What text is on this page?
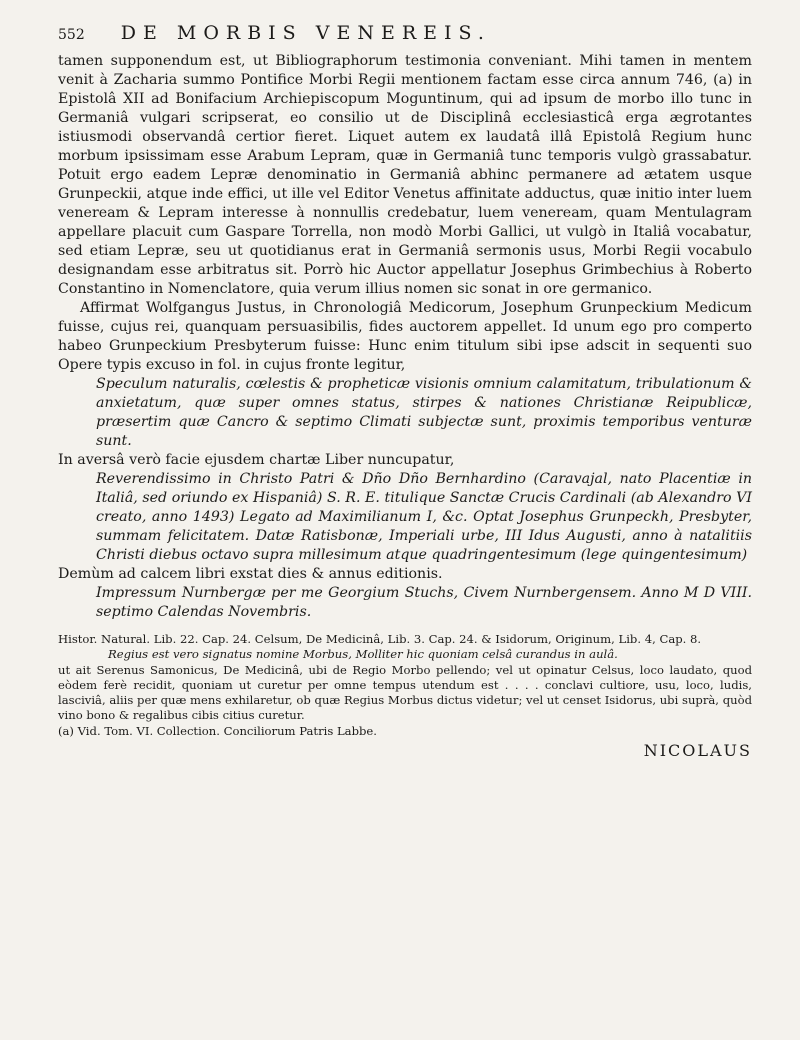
552 DE MORBIS VENEREIS.

tamen supponendum est, ut Bibliographorum testimonia conveniant. Mihi tamen in mentem venit à Zacharia summo Pontifice Morbi Regii mentionem factam esse circa annum 746, (a) in Epistolâ XII ad Bonifacium Archiepiscopum Moguntinum, qui ad ipsum de morbo illo tunc in Germaniâ vulgari scripserat, eo consilio ut de Disciplinâ ecclesiasticâ erga ægrotantes istiusmodi observandâ certior fieret. Liquet autem ex laudatâ illâ Epistolâ Regium hunc morbum ipsissimam esse Arabum Lepram, quæ in Germaniâ tunc temporis vulgò grassabatur. Potuit ergo eadem Lepræ denominatio in Germaniâ abhinc permanere ad ætatem usque Grunpeckii, atque inde effici, ut ille vel Editor Venetus affinitate adductus, quæ initio inter luem veneream & Lepram interesse à nonnullis credebatur, luem veneream, quam Mentulagram appellare placuit cum Gaspare Torrella, non modò Morbi Gallici, ut vulgò in Italiâ vocabatur, sed etiam Lepræ, seu ut quotidianus erat in Germaniâ sermonis usus, Morbi Regii vocabulo designandam esse arbitratus sit. Porrò hic Auctor appellatur Josephus Grimbechius à Roberto Constantino in Nomenclatore, quia verum illius nomen sic sonat in ore germanico.

Affirmat Wolfgangus Justus, in Chronologiâ Medicorum, Josephum Grunpeckium Medicum fuisse, cujus rei, quanquam persuasibilis, fides auctorem appellet. Id unum ego pro comperto habeo Grunpeckium Presbyterum fuisse: Hunc enim titulum sibi ipse adscit in sequenti suo Opere typis excuso in fol. in cujus fronte legitur,

Speculum naturalis, cœlestis & propheticæ visionis omnium calamitatum, tribulationum & anxietatum, quæ super omnes status, stirpes & nationes Christianæ Reipublicæ, præsertim quæ Cancro & septimo Climati subjectæ sunt, proximis temporibus venturæ sunt.

In aversâ verò facie ejusdem chartæ Liber nuncupatur,

Reverendissimo in Christo Patri & Dño Dño Bernhardino (Caravajal, nato Placentiæ in Italiâ, sed oriundo ex Hispaniâ) S. R. E. titulique Sanctæ Crucis Cardinali (ab Alexandro VI creato, anno 1493) Legato ad Maximilianum I, &c. Optat Josephus Grunpeckh, Presbyter, summam felicitatem. Datæ Ratisbonæ, Imperiali urbe, III Idus Augusti, anno à natalitiis Christi diebus octavo supra millesimum atque quadringentesimum (lege quingentesimum)

Demùm ad calcem libri exstat dies & annus editionis.

Impressum Nurnbergæ per me Georgium Stuchs, Civem Nurnbergensem. Anno M D VIII. septimo Calendas Novembris.

Histor. Natural. Lib. 22. Cap. 24. Celsum, De Medicinâ, Lib. 3. Cap. 24. & Isidorum, Originum, Lib. 4, Cap. 8.

Regius est vero signatus nomine Morbus, Molliter hic quoniam celsâ curandus in aulâ.

ut ait Serenus Samonicus, De Medicinâ, ubi de Regio Morbo pellendo; vel ut opinatur Celsus, loco laudato, quod eòdem ferè recidit, quoniam ut curetur per omne tempus utendum est . . . . conclavi cultiore, usu, loco, ludis, lasciviâ, aliis per quæ mens exhilaretur, ob quæ Regius Morbus dictus videtur; vel ut censet Isidorus, ubi suprà, quòd vino bono & regalibus cibis citius curetur.

(a) Vid. Tom. VI. Collection. Conciliorum Patris Labbe.

NICOLAUS
